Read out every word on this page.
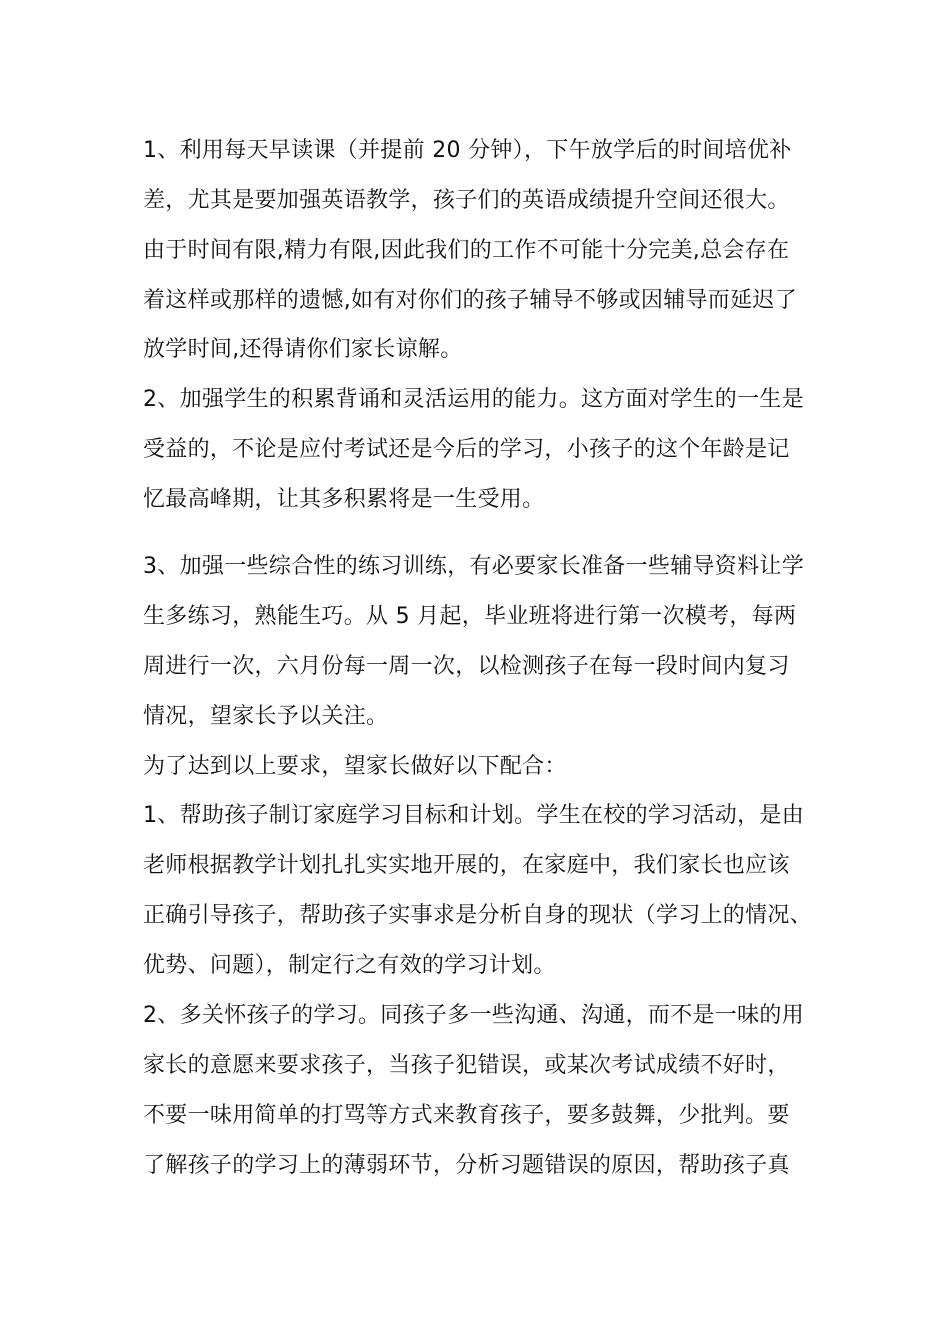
1、利用每天早读课（并提前 20 分钟），下午放学后的时间培优补
差，尤其是要加强英语教学，孩子们的英语成绩提升空间还很大。
由于时间有限,精力有限,因此我们的工作不可能十分完美,总会存在
着这样或那样的遗憾,如有对你们的孩子辅导不够或因辅导而延迟了
放学时间,还得请你们家长谅解。
2、加强学生的积累背诵和灵活运用的能力。这方面对学生的一生是
受益的，不论是应付考试还是今后的学习，小孩子的这个年龄是记
忆最高峰期，让其多积累将是一生受用。
3、加强一些综合性的练习训练，有必要家长准备一些辅导资料让学
生多练习，熟能生巧。从 5 月起，毕业班将进行第一次模考，每两
周进行一次，六月份每一周一次，以检测孩子在每一段时间内复习
情况，望家长予以关注。
为了达到以上要求，望家长做好以下配合：
1、帮助孩子制订家庭学习目标和计划。学生在校的学习活动，是由
老师根据教学计划扎扎实实地开展的，在家庭中，我们家长也应该
正确引导孩子，帮助孩子实事求是分析自身的现状（学习上的情况、
优势、问题），制定行之有效的学习计划。
2、多关怀孩子的学习。同孩子多一些沟通、沟通，而不是一味的用
家长的意愿来要求孩子，当孩子犯错误，或某次考试成绩不好时，
不要一味用简单的打骂等方式来教育孩子，要多鼓舞，少批判。要
了解孩子的学习上的薄弱环节，分析习题错误的原因，帮助孩子真
